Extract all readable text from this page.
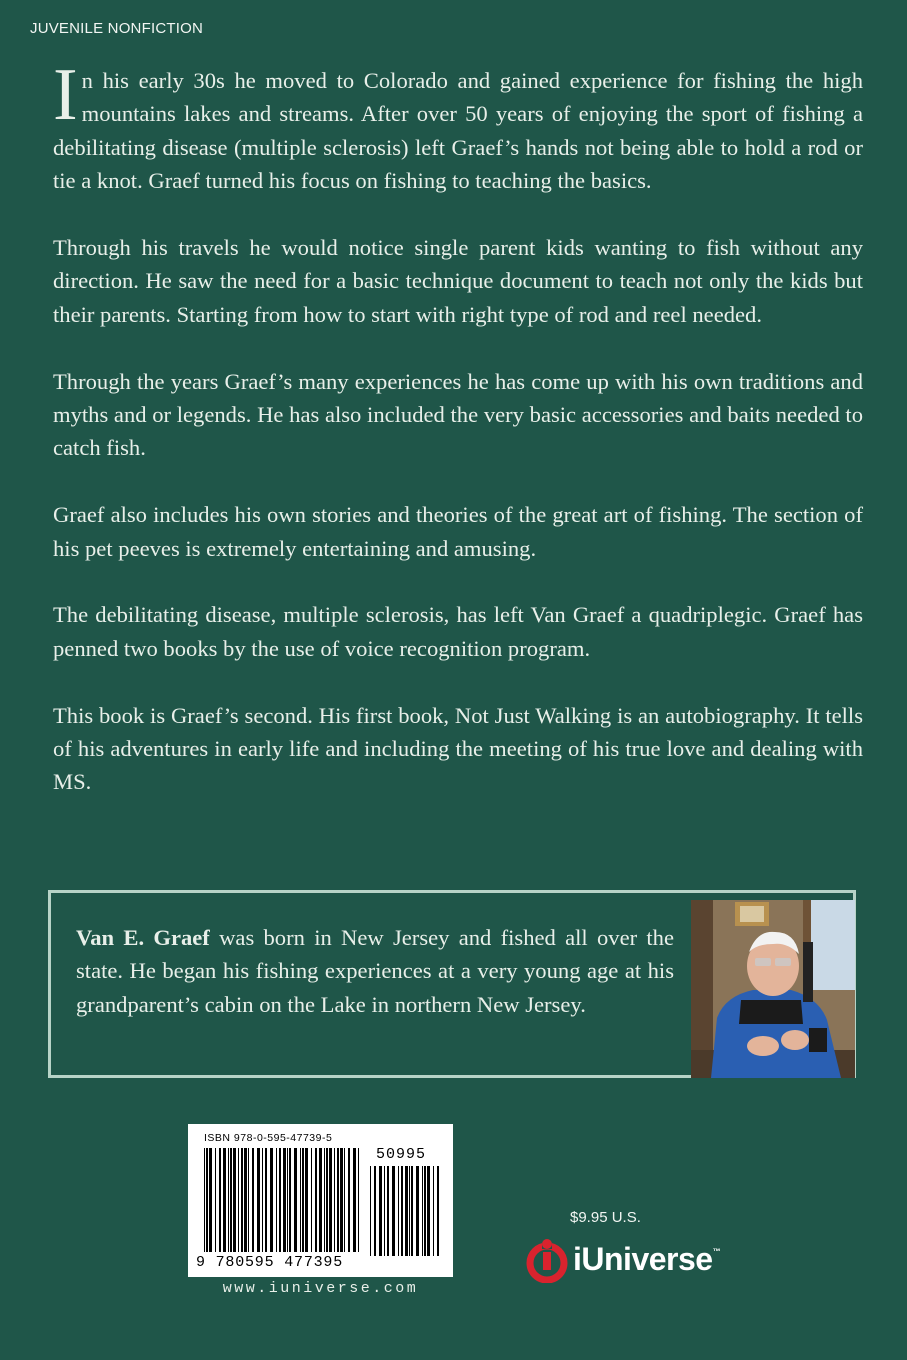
JUVENILE NONFICTION

In his early 30s he moved to Colorado and gained experience for fishing the high mountains lakes and streams. After over 50 years of enjoying the sport of fishing a debilitating disease (multiple sclerosis) left Graef’s hands not being able to hold a rod or tie a knot. Graef turned his focus on fishing to teaching the basics.

Through his travels he would notice single parent kids wanting to fish without any direction. He saw the need for a basic technique document to teach not only the kids but their parents. Starting from how to start with right type of rod and reel needed.

Through the years Graef’s many experiences he has come up with his own traditions and myths and or legends. He has also included the very basic accessories and baits needed to catch fish.

Graef also includes his own stories and theories of the great art of fishing. The section of his pet peeves is extremely entertaining and amusing.

The debilitating disease, multiple sclerosis, has left Van Graef a quadriplegic. Graef has penned two books by the use of voice recognition program.

This book is Graef’s second. His first book, Not Just Walking is an autobiography. It tells of his adventures in early life and including the meeting of his true love and dealing with MS.

Van E. Graef was born in New Jersey and fished all over the state. He began his fishing experiences at a very young age at his grandparent’s cabin on the Lake in northern New Jersey.
ISBN 978-0-595-47739-5
50995
9 780595 477395
www.iuniverse.com
$9.95 U.S.
iUniverse™
